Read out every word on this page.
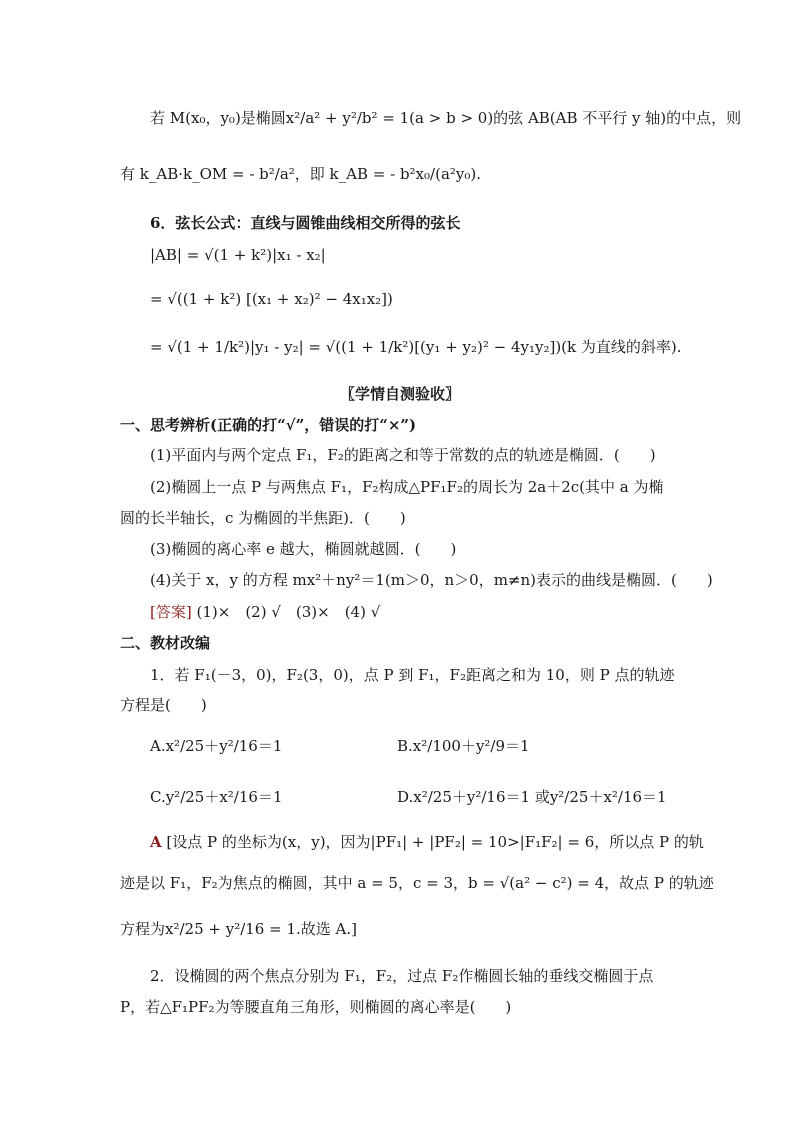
若 M(x₀，y₀)是椭圆x²/a² + y²/b² = 1(a > b > 0)的弦 AB(AB 不平行 y 轴)的中点，则
有 k_AB·k_OM = - b²/a²，即 k_AB = - b²x₀/(a²y₀).
6．弦长公式：直线与圆锥曲线相交所得的弦长
|AB| = √(1 + k²)|x₁ - x₂|
= √((1 + k²) [(x₁ + x₂)² − 4x₁x₂])
= √(1 + 1/k²)|y₁ - y₂| = √((1 + 1/k²)[(y₁ + y₂)² − 4y₁y₂])(k 为直线的斜率).
〖学情自测验收〗
一、思考辨析(正确的打“√”，错误的打“×”)
(1)平面内与两个定点 F₁，F₂的距离之和等于常数的点的轨迹是椭圆．(　　)
(2)椭圆上一点 P 与两焦点 F₁，F₂构成△PF₁F₂的周长为 2a＋2c(其中 a 为椭
圆的长半轴长，c 为椭圆的半焦距)．(　　)
(3)椭圆的离心率 e 越大，椭圆就越圆．(　　)
(4)关于 x，y 的方程 mx²＋ny²＝1(m＞0，n＞0，m≠n)表示的曲线是椭圆．(　　)
[答案] (1)×　(2) √　(3)×　(4) √
二、教材改编
1．若 F₁(－3，0)，F₂(3，0)，点 P 到 F₁，F₂距离之和为 10，则 P 点的轨迹
方程是(　　)
A.x²/25＋y²/16＝1	B.x²/100＋y²/9＝1
C.y²/25＋x²/16＝1	D.x²/25＋y²/16＝1 或y²/25＋x²/16＝1
A [设点 P 的坐标为(x，y)，因为|PF₁| + |PF₂| = 10>|F₁F₂| = 6，所以点 P 的轨
迹是以 F₁，F₂为焦点的椭圆，其中 a = 5，c = 3，b = √(a² − c²) = 4，故点 P 的轨迹
方程为x²/25 + y²/16 = 1.故选 A.]
2．设椭圆的两个焦点分别为 F₁，F₂，过点 F₂作椭圆长轴的垂线交椭圆于点
P，若△F₁PF₂为等腰直角三角形，则椭圆的离心率是(　　)
